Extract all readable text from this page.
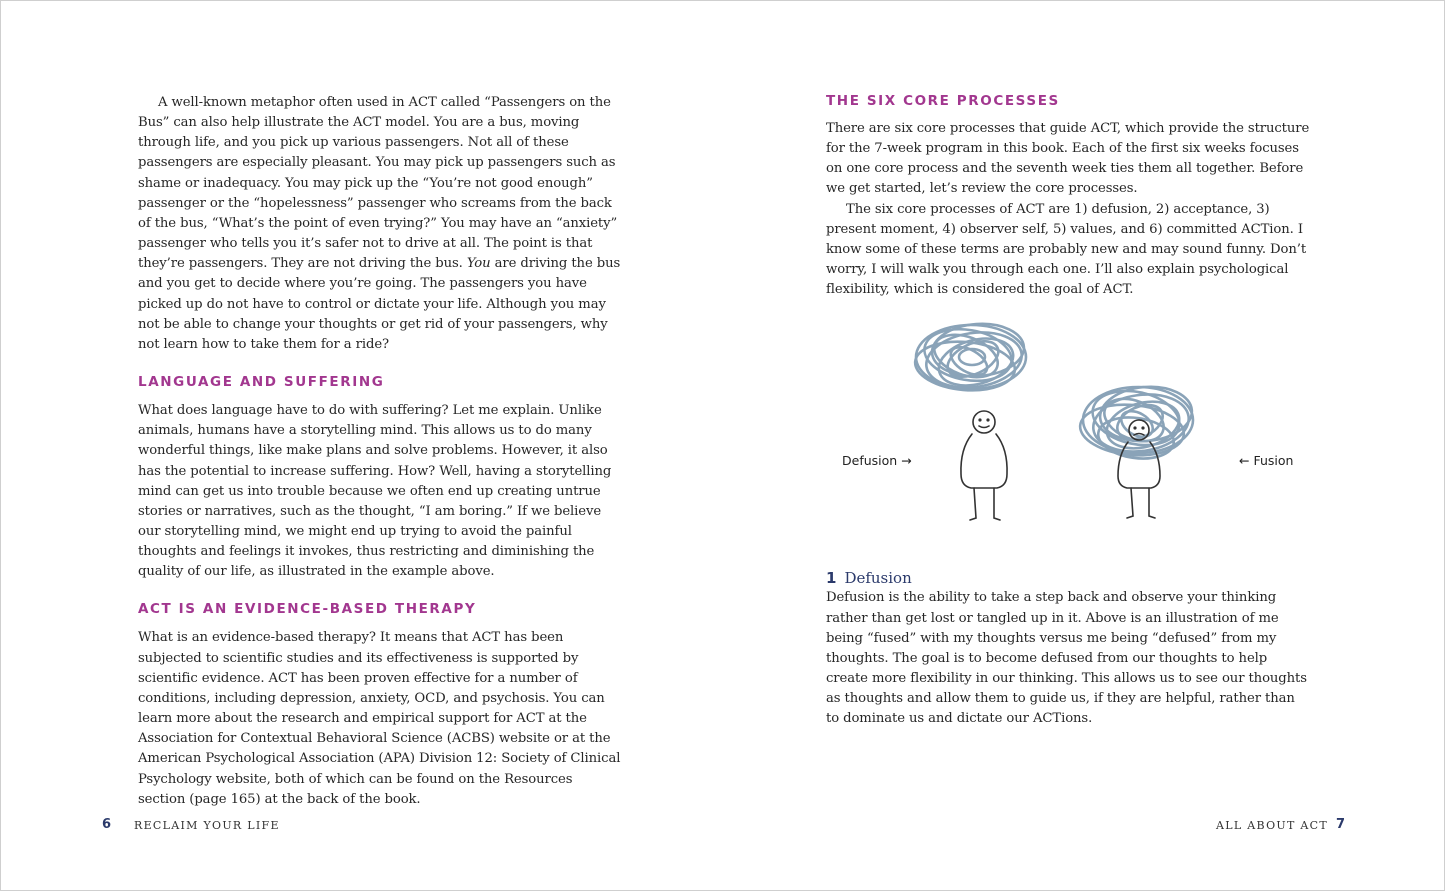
A well-known metaphor often used in ACT called “Passengers on the Bus” can also help illustrate the ACT model. You are a bus, moving through life, and you pick up various passengers. Not all of these passengers are especially pleasant. You may pick up passengers such as shame or inadequacy. You may pick up the “You’re not good enough” passenger or the “hopelessness” passenger who screams from the back of the bus, “What’s the point of even trying?” You may have an “anxiety” passenger who tells you it’s safer not to drive at all. The point is that they’re passengers. They are not driving the bus. You are driving the bus and you get to decide where you’re going. The passengers you have picked up do not have to control or dictate your life. Although you may not be able to change your thoughts or get rid of your passengers, why not learn how to take them for a ride?

LANGUAGE AND SUFFERING

What does language have to do with suffering? Let me explain. Unlike animals, humans have a storytelling mind. This allows us to do many wonderful things, like make plans and solve problems. However, it also has the potential to increase suffering. How? Well, having a storytelling mind can get us into trouble because we often end up creating untrue stories or narratives, such as the thought, “I am boring.” If we believe our storytelling mind, we might end up trying to avoid the painful thoughts and feelings it invokes, thus restricting and diminishing the quality of our life, as illustrated in the example above.

ACT IS AN EVIDENCE-BASED THERAPY

What is an evidence-based therapy? It means that ACT has been subjected to scientific studies and its effectiveness is supported by scientific evidence. ACT has been proven effective for a number of conditions, including depression, anxiety, OCD, and psychosis. You can learn more about the research and empirical support for ACT at the Association for Contextual Behavioral Science (ACBS) website or at the American Psychological Association (APA) Division 12: Society of Clinical Psychology website, both of which can be found on the Resources section (page 165) at the back of the book.

6 RECLAIM YOUR LIFE
THE SIX CORE PROCESSES

There are six core processes that guide ACT, which provide the structure for the 7-week program in this book. Each of the first six weeks focuses on one core process and the seventh week ties them all together. Before we get started, let’s review the core processes.

The six core processes of ACT are 1) defusion, 2) acceptance, 3) present moment, 4) observer self, 5) values, and 6) committed ACTion. I know some of these terms are probably new and may sound funny. Don’t worry, I will walk you through each one. I’ll also explain psychological flexibility, which is considered the goal of ACT.

Defusion →	← Fusion
1 Defusion

Defusion is the ability to take a step back and observe your thinking rather than get lost or tangled up in it. Above is an illustration of me being “fused” with my thoughts versus me being “defused” from my thoughts. The goal is to become defused from our thoughts to help create more flexibility in our thinking. This allows us to see our thoughts as thoughts and allow them to guide us, if they are helpful, rather than to dominate us and dictate our ACTions.

ALL ABOUT ACT 7
